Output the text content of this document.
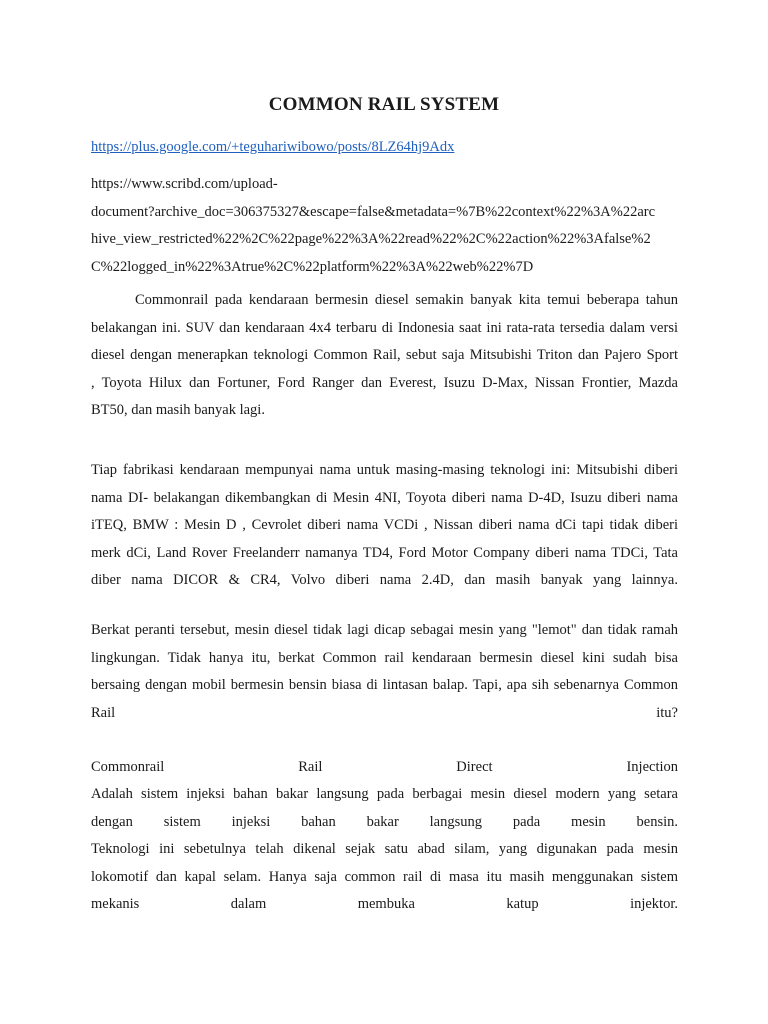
COMMON RAIL SYSTEM
https://plus.google.com/+teguhariwibowo/posts/8LZ64hj9Adx
https://www.scribd.com/upload-
document?archive_doc=306375327&escape=false&metadata=%7B%22context%22%3A%22arc
hive_view_restricted%22%2C%22page%22%3A%22read%22%2C%22action%22%3Afalse%2
C%22logged_in%22%3Atrue%2C%22platform%22%3A%22web%22%7D
Commonrail pada kendaraan bermesin diesel semakin banyak kita temui beberapa tahun
belakangan ini. SUV dan kendaraan 4x4 terbaru di Indonesia saat ini rata-rata tersedia dalam versi
diesel dengan menerapkan teknologi Common Rail, sebut saja Mitsubishi Triton dan Pajero Sport
, Toyota Hilux dan Fortuner, Ford Ranger dan Everest, Isuzu D-Max, Nissan Frontier, Mazda
BT50, dan masih banyak lagi.
Tiap fabrikasi kendaraan mempunyai nama untuk masing-masing teknologi ini: Mitsubishi diberi
nama DI- belakangan dikembangkan di Mesin 4NI, Toyota diberi nama D-4D, Isuzu diberi nama
iTEQ, BMW : Mesin D , Cevrolet diberi nama VCDi , Nissan diberi nama dCi tapi tidak diberi
merk dCi, Land Rover Freelanderr namanya TD4, Ford Motor Company diberi nama TDCi, Tata
diber nama DICOR & CR4, Volvo diberi nama 2.4D, dan masih banyak yang lainnya.
Berkat peranti tersebut, mesin diesel tidak lagi dicap sebagai mesin yang "lemot" dan tidak ramah
lingkungan. Tidak hanya itu, berkat Common rail kendaraan bermesin diesel kini sudah bisa
bersaing dengan mobil bermesin bensin biasa di lintasan balap. Tapi, apa sih sebenarnya Common
Rail itu?
Commonrail Rail Direct Injection
Adalah sistem injeksi bahan bakar langsung pada berbagai mesin diesel modern yang setara
dengan sistem injeksi bahan bakar langsung pada mesin bensin.
Teknologi ini sebetulnya telah dikenal sejak satu abad silam, yang digunakan pada mesin
lokomotif dan kapal selam. Hanya saja common rail di masa itu masih menggunakan sistem
mekanis dalam membuka katup injektor.
